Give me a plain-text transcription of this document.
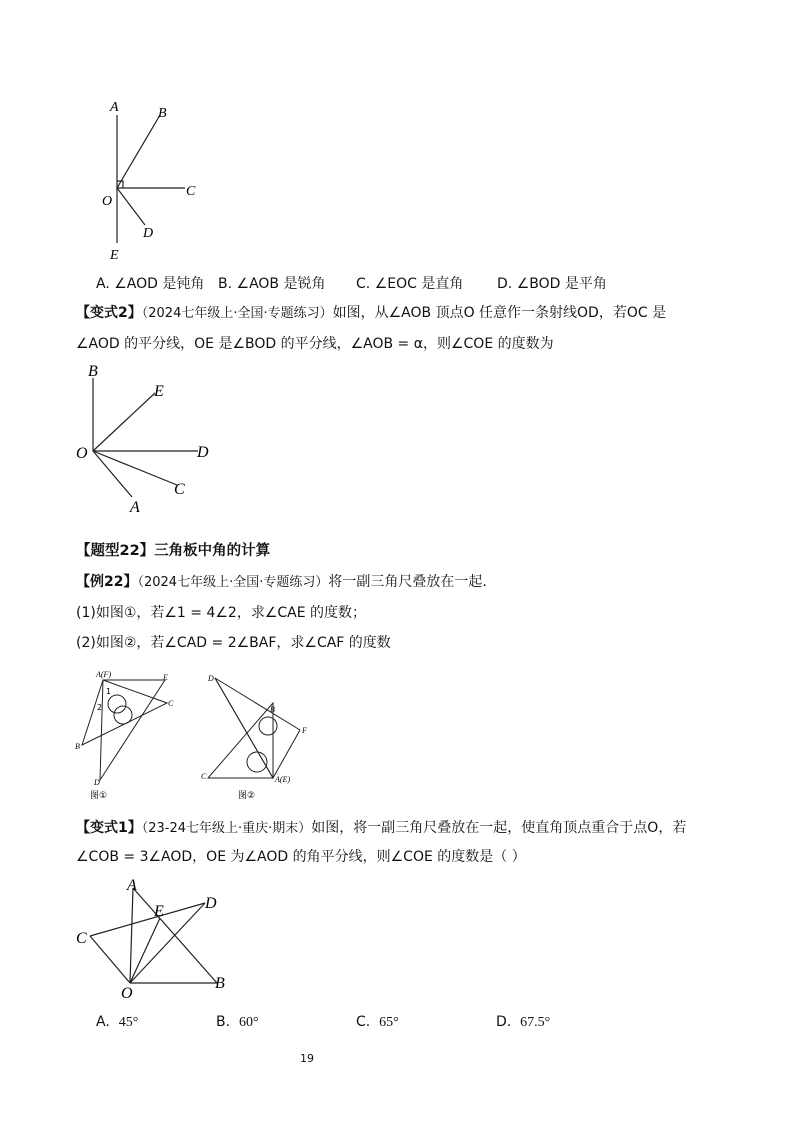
A	B
C
O
D
E
A. ∠AOD 是钝角 B. ∠AOB 是锐角 C. ∠EOC 是直角 D. ∠BOD 是平角
【变式2】（2024七年级上·全国·专题练习）如图，从∠AOB 顶点O 任意作一条射线OD，若OC 是
∠AOD 的平分线，OE 是∠BOD 的平分线，∠AOB = α，则∠COE 的度数为
B
E
O	D
C
A
【题型22】三角板中角的计算
【例22】（2024七年级上·全国·专题练习）将一副三角尺叠放在一起.
(1)如图①，若∠1 = 4∠2，求∠CAE 的度数；
(2)如图②，若∠CAD = 2∠BAF，求∠CAF 的度数
A(F)	E
1
2	C
B
D
图①
D
B
F
C	A(E)
图②
【变式1】（23-24七年级上·重庆·期末）如图，将一副三角尺叠放在一起，使直角顶点重合于点O，若
∠COB = 3∠AOD，OE 为∠AOD 的角平分线，则∠COE 的度数是（ ）
A
E	D
C
O
B
A. 45°	B. 60°	C. 65°	D. 67.5°
19
